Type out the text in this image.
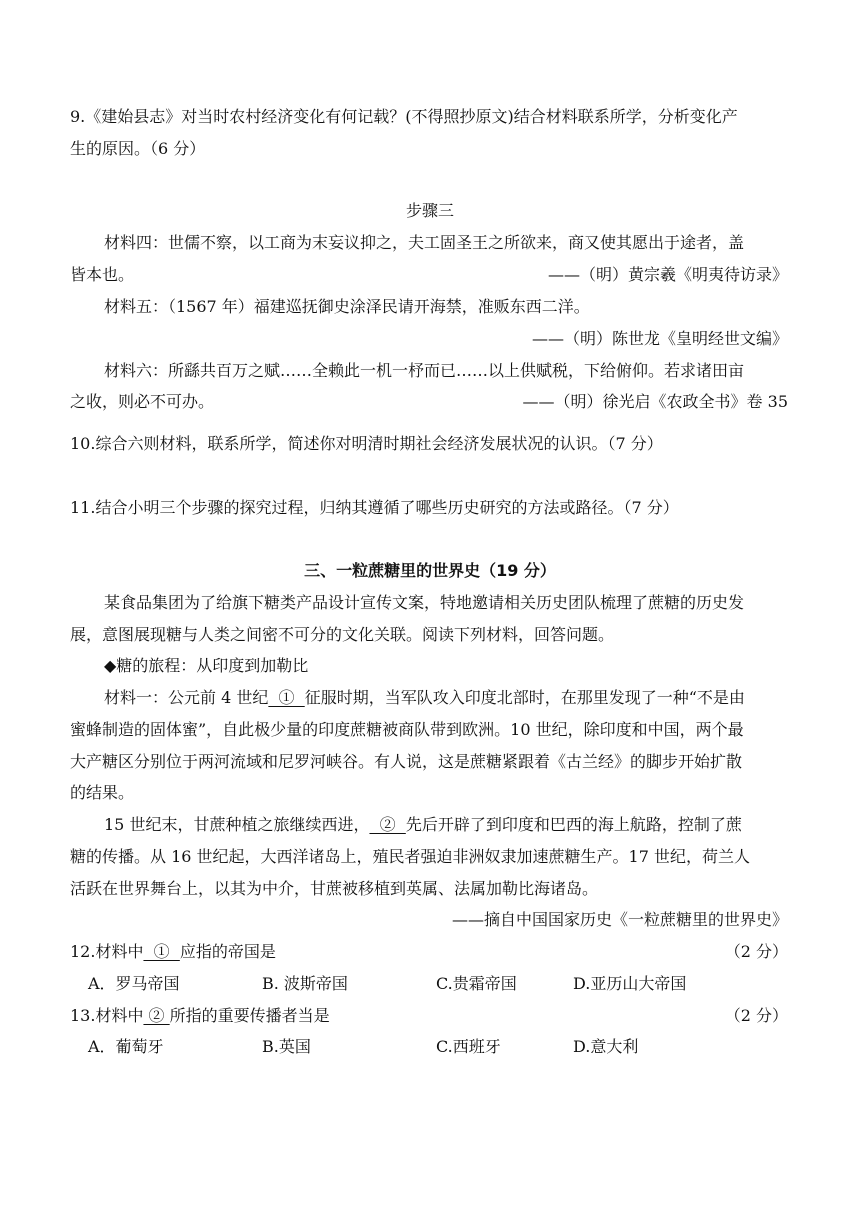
9.《建始县志》对当时农村经济变化有何记载？(不得照抄原文)结合材料联系所学，分析变化产
生的原因。（6 分）
步骤三
材料四：世儒不察，以工商为末妄议抑之，夫工固圣王之所欲来，商又使其愿出于途者，盖
皆本也。	——（明）黄宗羲《明夷待访录》
材料五：（1567 年）福建巡抚御史涂泽民请开海禁，准贩东西二洋。
——（明）陈世龙《皇明经世文编》
材料六：所繇共百万之赋……全赖此一机一杼而已……以上供赋税，下给俯仰。若求诸田亩
之收，则必不可办。	——（明）徐光启《农政全书》卷 35
10.综合六则材料，联系所学，简述你对明清时期社会经济发展状况的认识。（7 分）
11.结合小明三个步骤的探究过程，归纳其遵循了哪些历史研究的方法或路径。（7 分）
三、一粒蔗糖里的世界史（19 分）
某食品集团为了给旗下糖类产品设计宣传文案，特地邀请相关历史团队梳理了蔗糖的历史发
展，意图展现糖与人类之间密不可分的文化关联。阅读下列材料，回答问题。
◆糖的旅程：从印度到加勒比
材料一：公元前 4 世纪  ①  征服时期，当军队攻入印度北部时，在那里发现了一种“不是由
蜜蜂制造的固体蜜”，自此极少量的印度蔗糖被商队带到欧洲。10 世纪，除印度和中国，两个最
大产糖区分别位于两河流域和尼罗河峡谷。有人说，这是蔗糖紧跟着《古兰经》的脚步开始扩散
的结果。
15 世纪末，甘蔗种植之旅继续西进，  ②  先后开辟了到印度和巴西的海上航路，控制了蔗
糖的传播。从 16 世纪起，大西洋诸岛上，殖民者强迫非洲奴隶加速蔗糖生产。17 世纪，荷兰人
活跃在世界舞台上，以其为中介，甘蔗被移植到英属、法属加勒比海诸岛。
——摘自中国国家历史《一粒蔗糖里的世界史》
12.材料中  ①  应指的帝国是	（2 分）
A．罗马帝国	B. 波斯帝国	C.贵霜帝国	D.亚历山大帝国
13.材料中 ② 所指的重要传播者当是	（2 分）
A．葡萄牙	B.英国	C.西班牙	D.意大利
